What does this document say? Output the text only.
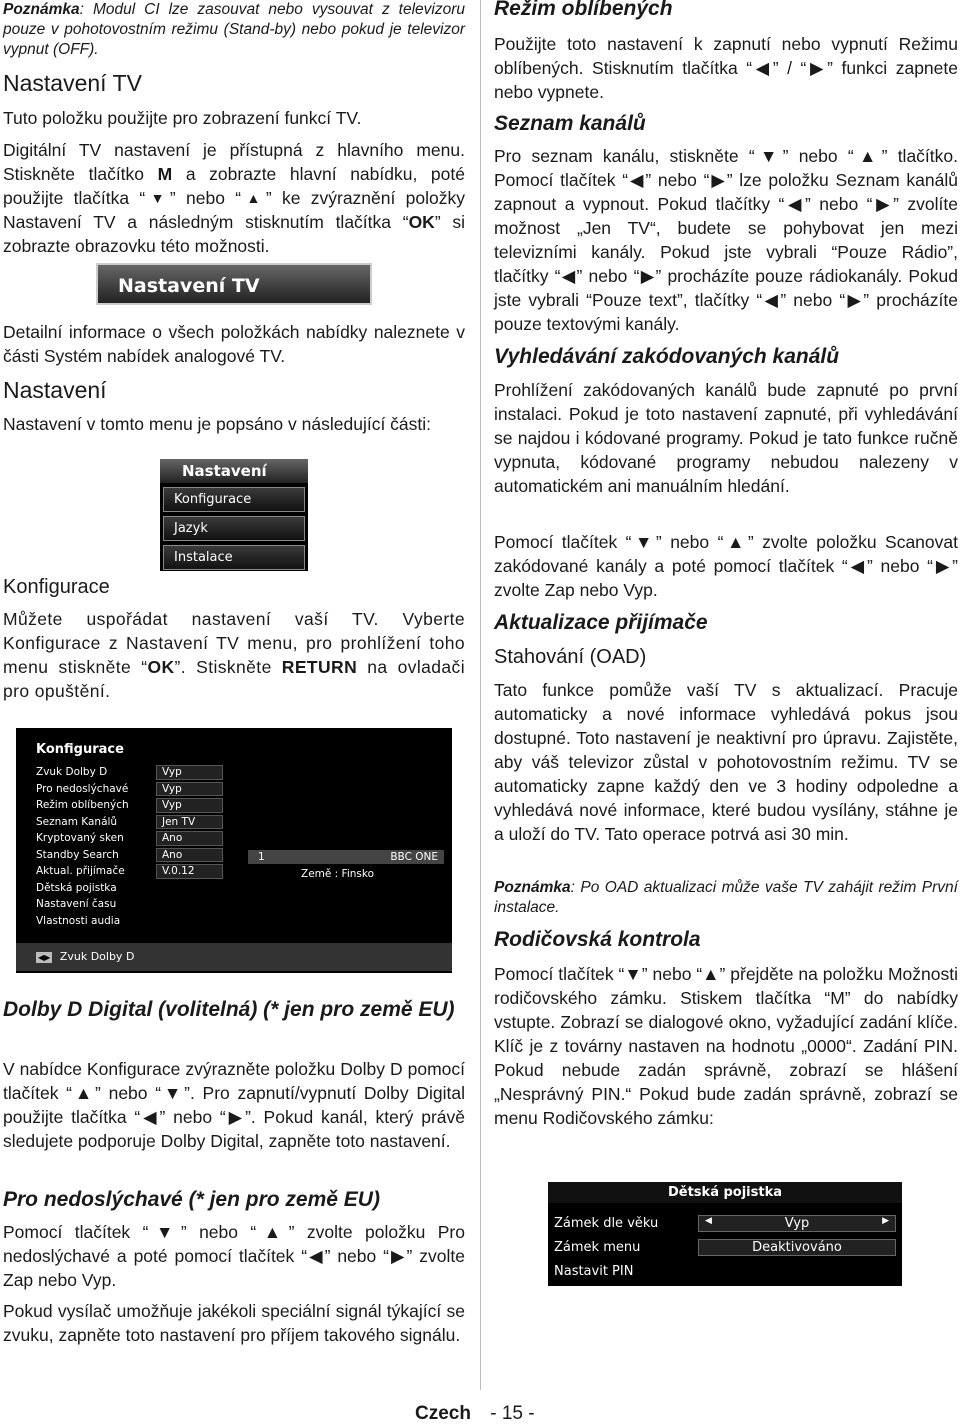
Poznámka: Modul CI lze zasouvat nebo vysouvat z televizoru pouze v pohotovostním režimu (Stand-by) nebo pokud je televizor vypnut (OFF).

Nastavení TV

Tuto položku použijte pro zobrazení funkcí TV.

Digitální TV nastavení je přístupná z hlavního menu. Stiskněte tlačítko M a zobrazte hlavní nabídku, poté použijte tlačítka “▼” nebo “▲” ke zvýraznění položky Nastavení TV a následným stisknutím tlačítka “OK” si zobrazte obrazovku této možnosti.

Nastavení TV

Detailní informace o všech položkách nabídky naleznete v části Systém nabídek analogové TV.

Nastavení

Nastavení v tomto menu je popsáno v následující části:

Nastavení
Konfigurace
Jazyk
Instalace
Konfigurace

Můžete uspořádat nastavení vaší TV. Vyberte Konfigurace z Nastavení TV menu, pro prohlížení toho menu stiskněte “OK”. Stiskněte RETURN na ovladači pro opuštění.

Konfigurace
Zvuk Dolby D	Vyp
Pro nedoslýchavé	Vyp
Režim oblíbených	Vyp
Seznam Kanálů	Jen TV
Kryptovaný sken	Ano
Standby Search	Ano
Aktual. přijímače	V.0.12
Dětská pojistka
Nastavení času
Vlastnosti audia
1	BBC ONE
Země : Finsko
◀▶ Zvuk Dolby D
Dolby D Digital (volitelná) (* jen pro země EU)

V nabídce Konfigurace zvýrazněte položku Dolby D pomocí tlačítek “▲” nebo “▼”. Pro zapnutí/vypnutí Dolby Digital použijte tlačítka “◀” nebo “▶”. Pokud kanál, který právě sledujete podporuje Dolby Digital, zapněte toto nastavení.

Pro nedoslýchavé (* jen pro země EU)

Pomocí tlačítek “▼” nebo “▲” zvolte položku Pro nedoslýchavé a poté pomocí tlačítek “◀” nebo “▶” zvolte Zap nebo Vyp.

Pokud vysílač umožňuje jakékoli speciální signál týkající se zvuku, zapněte toto nastavení pro příjem takového signálu.

Režim oblíbených

Použijte toto nastavení k zapnutí nebo vypnutí Režimu oblíbených. Stisknutím tlačítka “◀” / “▶” funkci zapnete nebo vypnete.

Seznam kanálů

Pro seznam kanálu, stiskněte “▼” nebo “▲” tlačítko. Pomocí tlačítek “◀” nebo “▶” lze položku Seznam kanálů zapnout a vypnout. Pokud tlačítky “◀” nebo “▶” zvolíte možnost „Jen TV“, budete se pohybovat jen mezi televizními kanály. Pokud jste vybrali “Pouze Rádio”, tlačítky “◀” nebo “▶” procházíte pouze rádiokanály. Pokud jste vybrali “Pouze text”, tlačítky “◀” nebo “▶” procházíte pouze textovými kanály.

Vyhledávání zakódovaných kanálů

Prohlížení zakódovaných kanálů bude zapnuté po první instalaci. Pokud je toto nastavení zapnuté, při vyhledávání se najdou i kódované programy. Pokud je tato funkce ručně vypnuta, kódované programy nebudou nalezeny v automatickém ani manuálním hledání.

Pomocí tlačítek “▼” nebo “▲” zvolte položku Scanovat zakódované kanály a poté pomocí tlačítek “◀” nebo “▶” zvolte Zap nebo Vyp.

Aktualizace přijímače
Stahování (OAD)

Tato funkce pomůže vaší TV s aktualizací. Pracuje automaticky a nové informace vyhledává pokus jsou dostupné. Toto nastavení je neaktivní pro úpravu. Zajistěte, aby váš televizor zůstal v pohotovostním režimu. TV se automaticky zapne každý den ve 3 hodiny odpoledne a vyhledává nové informace, které budou vysílány, stáhne je a uloží do TV. Tato operace potrvá asi 30 min.

Poznámka: Po OAD aktualizaci může vaše TV zahájit režim První instalace.

Rodičovská kontrola

Pomocí tlačítek “▼” nebo “▲” přejděte na položku Možnosti rodičovského zámku. Stiskem tlačítka “M” do nabídky vstupte. Zobrazí se dialogové okno, vyžadující zadání klíče. Klíč je z továrny nastaven na hodnotu „0000“. Zadání PIN. Pokud nebude zadán správně, zobrazí se hlášení „Nesprávný PIN.“ Pokud bude zadán správně, zobrazí se menu Rodičovského zámku:

Dětská pojistka
Zámek dle věku	◀	Vyp	▶
Zámek menu	Deaktivováno
Nastavit PIN
Czech - 15 -
